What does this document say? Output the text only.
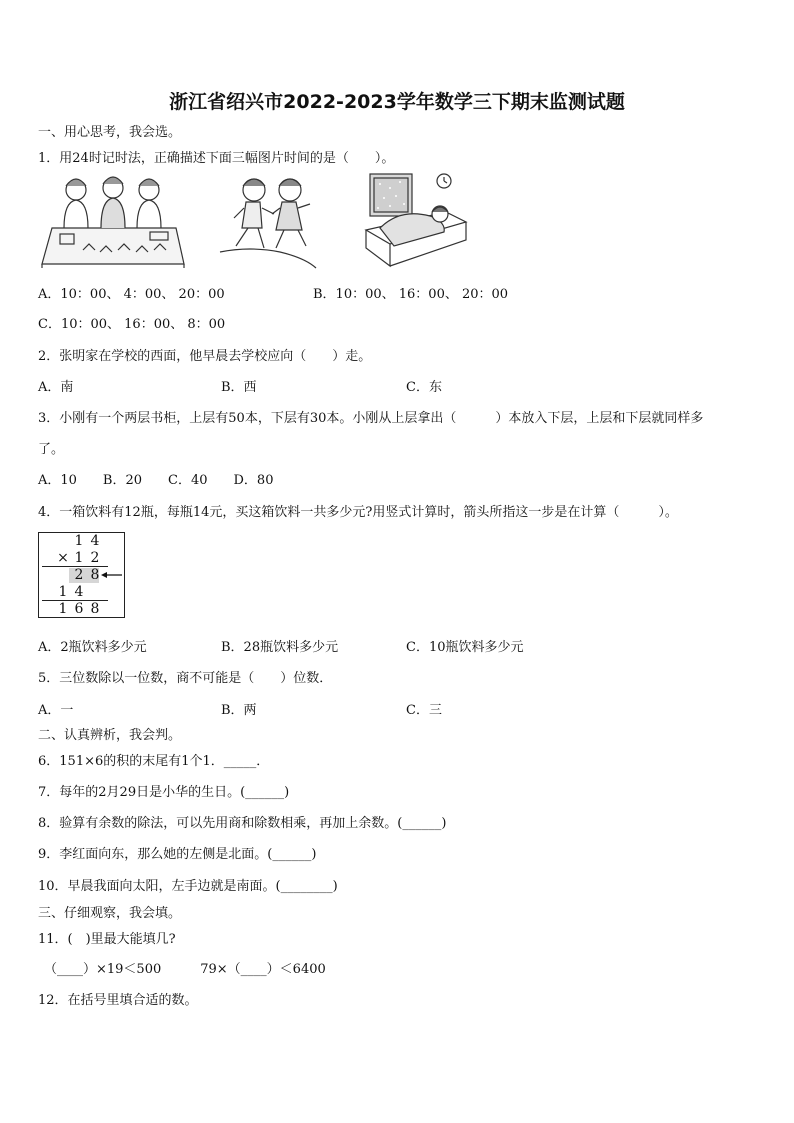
浙江省绍兴市2022-2023学年数学三下期末监测试题
一、用心思考，我会选。
1．用24时记时法，正确描述下面三幅图片时间的是（　　）。
A．10：00、 4：00、 20：00	B．10：00、 16：00、 20：00
C．10：00、 16：00、 8：00
2．张明家在学校的西面，他早晨去学校应向（　　）走。
A．南	B．西	C．东
3．小刚有一个两层书柜，上层有50本，下层有30本。小刚从上层拿出（　　　）本放入下层，上层和下层就同样多
了。
A．10　　B．20　　C．40　　D．80
4．一箱饮料有12瓶，每瓶14元，买这箱饮料一共多少元?用竖式计算时，箭头所指这一步是在计算（　　　）。
1 4
× 1 2
2 8
1 4
1 6 8
A．2瓶饮料多少元	B．28瓶饮料多少元	C．10瓶饮料多少元
5．三位数除以一位数，商不可能是（　　）位数．
A．一	B．两	C．三
二、认真辨析，我会判。
6．151×6的积的末尾有1个1．_____．
7．每年的2月29日是小华的生日。(______)
8．验算有余数的除法，可以先用商和除数相乘，再加上余数。(______)
9．李红面向东，那么她的左侧是北面。(______)
10．早晨我面向太阳，左手边就是南面。(________)
三、仔细观察，我会填。
11．(　)里最大能填几?
（____）×19＜500　　　79×（____）＜6400
12．在括号里填合适的数。
